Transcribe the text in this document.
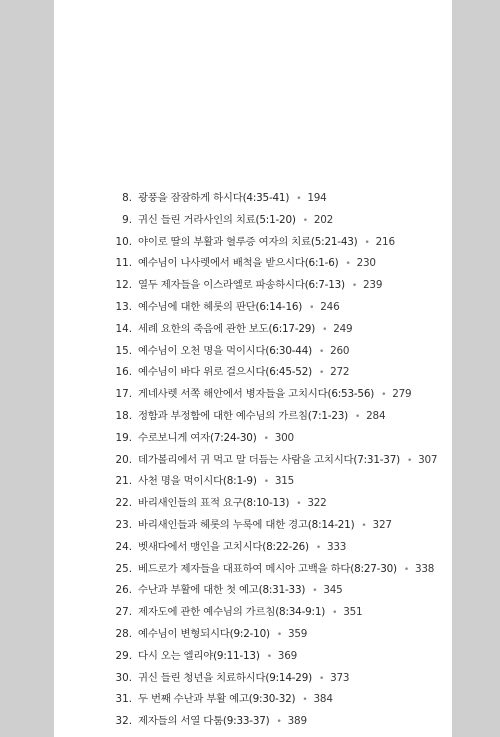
8. 광풍을 잠잠하게 하시다(4:35-41) • 194
9. 귀신 들린 거라사인의 치료(5:1-20) • 202
10. 야이로 딸의 부활과 혈루증 여자의 치료(5:21-43) • 216
11. 예수님이 나사렛에서 배척을 받으시다(6:1-6) • 230
12. 열두 제자들을 이스라엘로 파송하시다(6:7-13) • 239
13. 예수님에 대한 헤롯의 판단(6:14-16) • 246
14. 세례 요한의 죽음에 관한 보도(6:17-29) • 249
15. 예수님이 오천 명을 먹이시다(6:30-44) • 260
16. 예수님이 바다 위로 걸으시다(6:45-52) • 272
17. 게네사렛 서쪽 해안에서 병자들을 고치시다(6:53-56) • 279
18. 정함과 부정함에 대한 예수님의 가르침(7:1-23) • 284
19. 수로보니게 여자(7:24-30) • 300
20. 데가볼리에서 귀 먹고 말 더듬는 사람을 고치시다(7:31-37) • 307
21. 사천 명을 먹이시다(8:1-9) • 315
22. 바리새인들의 표적 요구(8:10-13) • 322
23. 바리새인들과 헤롯의 누룩에 대한 경고(8:14-21) • 327
24. 벳새다에서 맹인을 고치시다(8:22-26) • 333
25. 베드로가 제자들을 대표하여 메시아 고백을 하다(8:27-30) • 338
26. 수난과 부활에 대한 첫 예고(8:31-33) • 345
27. 제자도에 관한 예수님의 가르침(8:34-9:1) • 351
28. 예수님이 변형되시다(9:2-10) • 359
29. 다시 오는 엘리야(9:11-13) • 369
30. 귀신 들린 청년을 치료하시다(9:14-29) • 373
31. 두 번째 수난과 부활 예고(9:30-32) • 384
32. 제자들의 서열 다툼(9:33-37) • 389
